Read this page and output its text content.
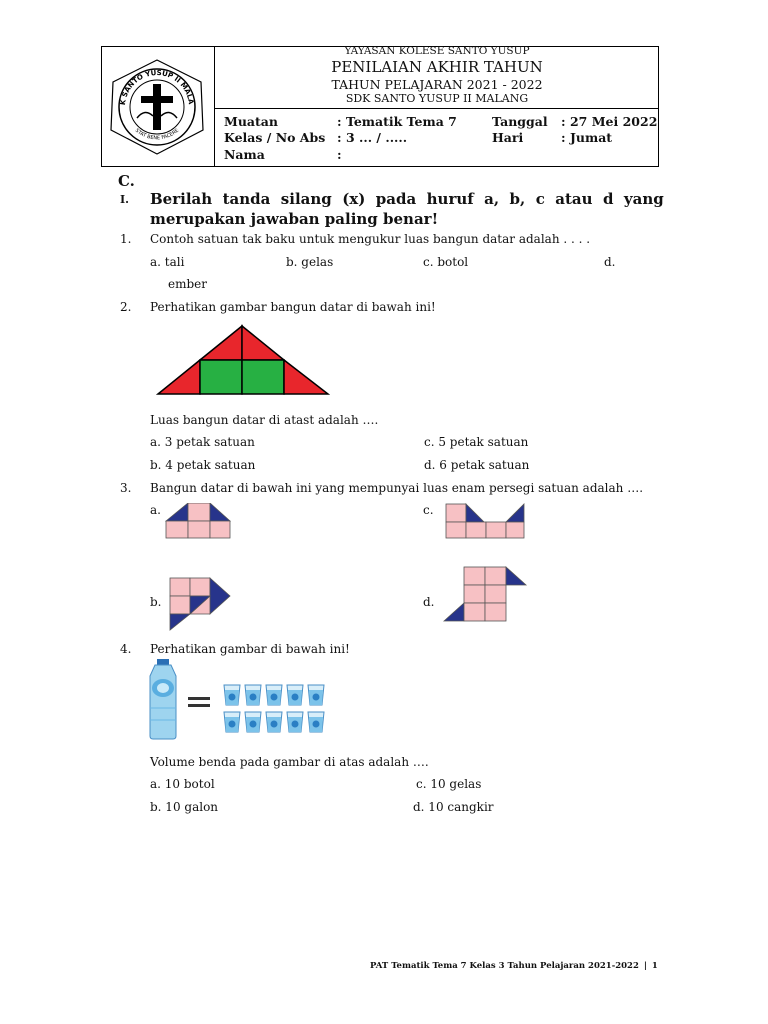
K SANTO YUSUP II MALA
STAT BENE FACERE
YAYASAN KOLESE SANTO YUSUP
PENILAIAN AKHIR TAHUN
TAHUN PELAJARAN 2021 - 2022
SDK SANTO YUSUP II MALANG
Muatan	: Tematik Tema 7
Kelas / No Abs : 3 ... / .....
Nama	:
Tanggal : 27 Mei 2022
Hari	: Jumat
C.
I. Berilah  tanda  silang  (x)  pada  huruf  a,  b,  c  atau  d  yang
merupakan jawaban paling benar!
1. Contoh satuan tak baku untuk mengukur luas bangun datar adalah . . . .
a. tali	b. gelas	c. botol	d.
ember
2. Perhatikan gambar bangun datar di bawah ini!
Luas bangun datar di atast adalah ….
a. 3 petak satuan	c. 5 petak satuan
b. 4 petak satuan	d. 6 petak satuan
3. Bangun datar di bawah ini yang mempunyai luas enam persegi satuan adalah ….
a.	c.
b.	d.
4. Perhatikan gambar di bawah ini!
Volume benda pada gambar di atas adalah ….
a. 10 botol	c. 10 gelas
b. 10 galon	d. 10 cangkir
PAT Tematik Tema 7 Kelas 3 Tahun Pelajaran 2021-2022 | 1
